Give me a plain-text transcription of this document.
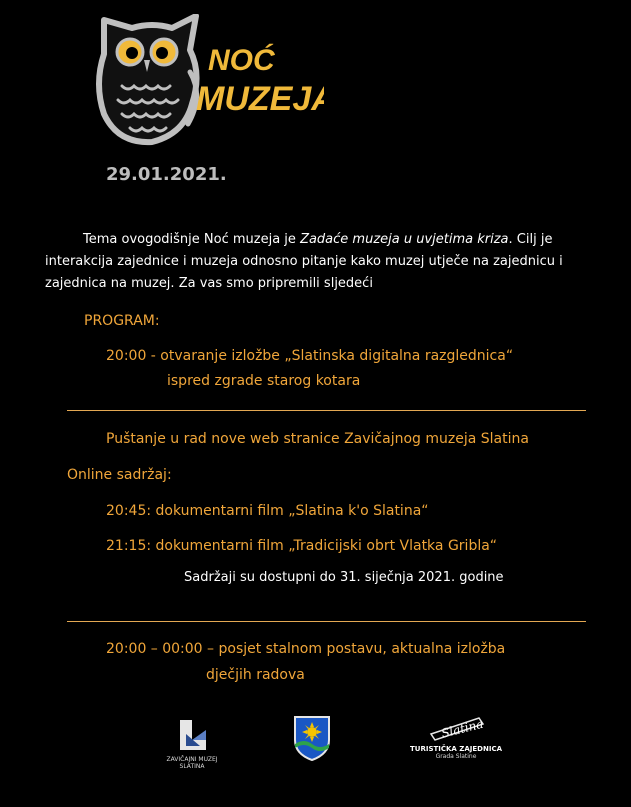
NOĆ
MUZEJA
29.01.2021.
Tema ovogodišnje Noć muzeja je Zadaće muzeja u uvjetima kriza. Cilj je
interakcija zajednice i muzeja odnosno pitanje kako muzej utječe na zajednicu i
zajednica na muzej. Za vas smo pripremili sljedeći
PROGRAM:
20:00 - otvaranje izložbe „Slatinska digitalna razglednica“
ispred zgrade starog kotara
Puštanje u rad nove web stranice Zavičajnog muzeja Slatina
Online sadržaj:
20:45: dokumentarni film „Slatina k'o Slatina“
21:15: dokumentarni film „Tradicijski obrt Vlatka Gribla“
Sadržaji su dostupni do 31. siječnja 2021. godine
20:00 – 00:00 – posjet stalnom postavu, aktualna izložba
dječjih radova
ZAVIČAJNI MUZEJ
SLATINA
Slatina
TURISTIČKA ZAJEDNICA
Grada Slatine
